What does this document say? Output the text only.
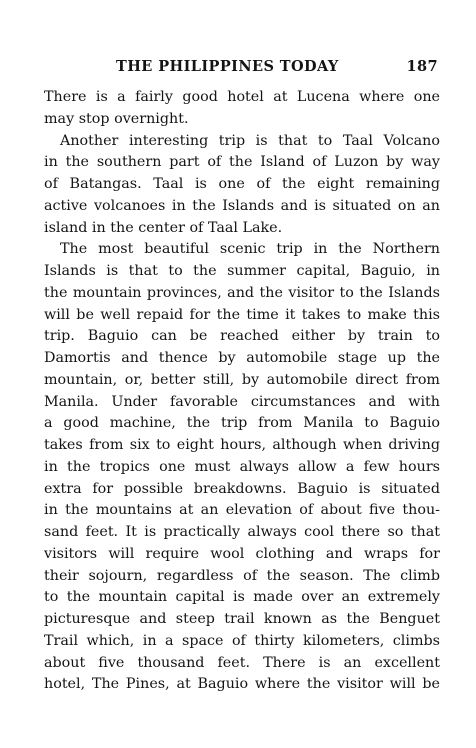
THE PHILIPPINES TODAY	187
There is a fairly good hotel at Lucena where one
may stop overnight.
Another interesting trip is that to Taal Volcano
in the southern part of the Island of Luzon by way
of Batangas. Taal is one of the eight remaining
active volcanoes in the Islands and is situated on an
island in the center of Taal Lake.
The most beautiful scenic trip in the Northern
Islands is that to the summer capital, Baguio, in
the mountain provinces, and the visitor to the Islands
will be well repaid for the time it takes to make this
trip. Baguio can be reached either by train to
Damortis and thence by automobile stage up the
mountain, or, better still, by automobile direct from
Manila. Under favorable circumstances and with
a good machine, the trip from Manila to Baguio
takes from six to eight hours, although when driving
in the tropics one must always allow a few hours
extra for possible breakdowns. Baguio is situated
in the mountains at an elevation of about five thou-
sand feet. It is practically always cool there so that
visitors will require wool clothing and wraps for
their sojourn, regardless of the season. The climb
to the mountain capital is made over an extremely
picturesque and steep trail known as the Benguet
Trail which, in a space of thirty kilometers, climbs
about five thousand feet. There is an excellent
hotel, The Pines, at Baguio where the visitor will be
